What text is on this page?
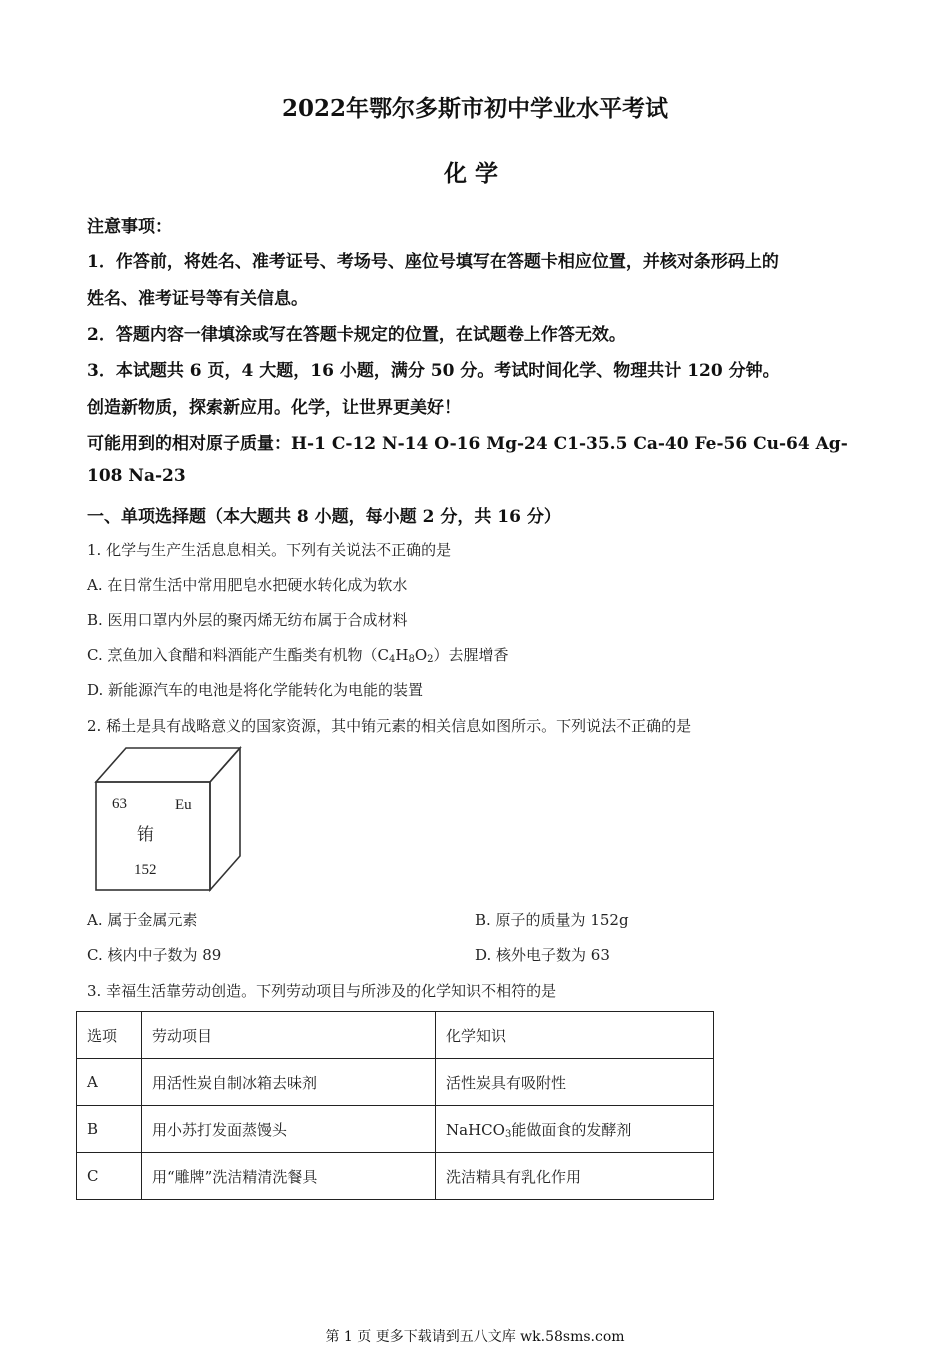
2022年鄂尔多斯市初中学业水平考试
化学
注意事项：
1．作答前，将姓名、准考证号、考场号、座位号填写在答题卡相应位置，并核对条形码上的
姓名、准考证号等有关信息。
2．答题内容一律填涂或写在答题卡规定的位置，在试题卷上作答无效。
3．本试题共 6 页，4 大题，16 小题，满分 50 分。考试时间化学、物理共计 120 分钟。
创造新物质，探索新应用。化学，让世界更美好！
可能用到的相对原子质量：H-1 C-12 N-14 O-16 Mg-24 C1-35.5 Ca-40 Fe-56 Cu-64 Ag-
108 Na-23
一、单项选择题（本大题共 8 小题，每小题 2 分，共 16 分）
1. 化学与生产生活息息相关。下列有关说法不正确的是
A. 在日常生活中常用肥皂水把硬水转化成为软水
B. 医用口罩内外层的聚丙烯无纺布属于合成材料
C. 烹鱼加入食醋和料酒能产生酯类有机物$(C_4H_8O_2)$去腥增香
D. 新能源汽车的电池是将化学能转化为电能的装置
2. 稀土是具有战略意义的国家资源，其中铕元素的相关信息如图所示。下列说法不正确的是
63	Eu
铕
152
A. 属于金属元素	B. 原子的质量为 152g
C. 核内中子数为 89	D. 核外电子数为 63
3. 幸福生活靠劳动创造。下列劳动项目与所涉及的化学知识不相符的是
选项	劳动项目	化学知识
A	用活性炭自制冰箱去味剂	活性炭具有吸附性
B	用小苏打发面蒸馒头	NaHCO$_3$能做面食的发酵剂
C	用“雕牌”洗洁精清洗餐具	洗洁精具有乳化作用
第 1 页 更多下载请到五八文库 wk.58sms.com
